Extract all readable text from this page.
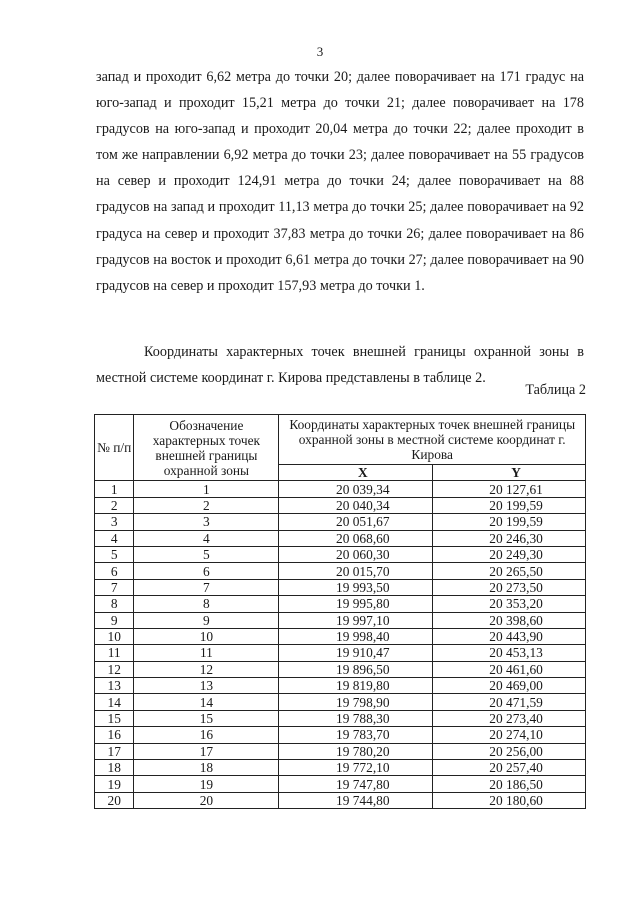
3

запад и проходит 6,62 метра до точки 20; далее поворачивает на 171 градус на юго-запад и проходит 15,21 метра до точки 21; далее поворачивает на 178 градусов на юго-запад и проходит 20,04 метра до точки 22; далее проходит в том же направлении 6,92 метра до точки 23; далее поворачивает на 55 градусов на север и проходит 124,91 метра до точки 24; далее поворачивает на 88 градусов на запад и проходит 11,13 метра до точки 25; далее поворачивает на 92 градуса на север и проходит 37,83 метра до точки 26; далее поворачивает на 86 градусов на восток и проходит 6,61 метра до точки 27; далее поворачивает на 90 градусов на север и проходит 157,93 метра до точки 1.

Координаты характерных точек внешней границы охранной зоны в местной системе координат г. Кирова представлены в таблице 2.

Таблица 2
№ п/п	Обозначение характерных точек внешней границы охранной зоны	Координаты характерных точек внешней границы охранной зоны в местной системе координат г. Кирова	
		X	Y
1	1	20 039,34	20 127,61
2	2	20 040,34	20 199,59
3	3	20 051,67	20 199,59
4	4	20 068,60	20 246,30
5	5	20 060,30	20 249,30
6	6	20 015,70	20 265,50
7	7	19 993,50	20 273,50
8	8	19 995,80	20 353,20
9	9	19 997,10	20 398,60
10	10	19 998,40	20 443,90
11	11	19 910,47	20 453,13
12	12	19 896,50	20 461,60
13	13	19 819,80	20 469,00
14	14	19 798,90	20 471,59
15	15	19 788,30	20 273,40
16	16	19 783,70	20 274,10
17	17	19 780,20	20 256,00
18	18	19 772,10	20 257,40
19	19	19 747,80	20 186,50
20	20	19 744,80	20 180,60
